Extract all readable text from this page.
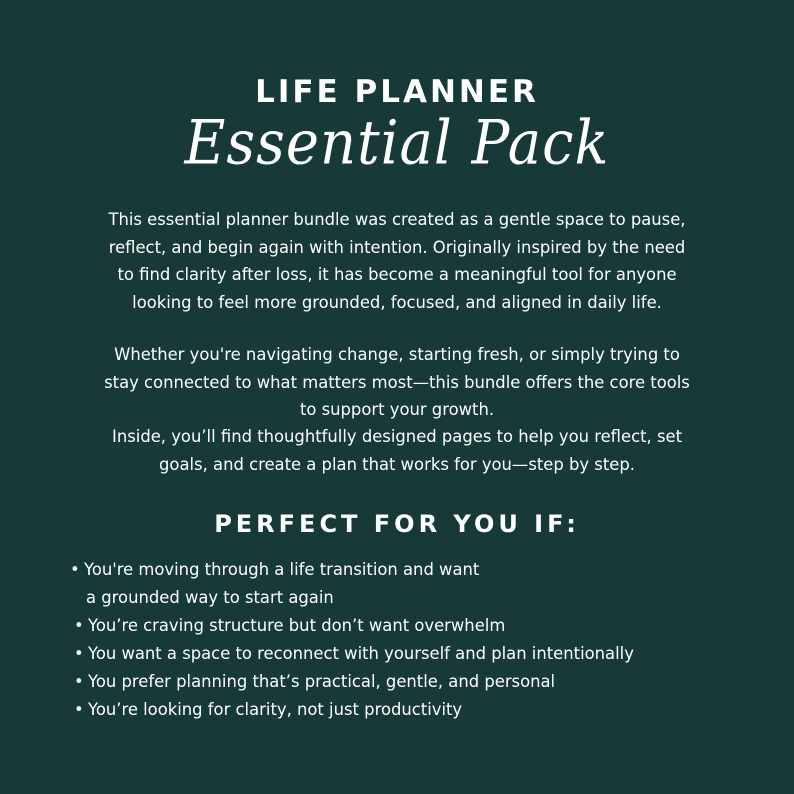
LIFE PLANNER
Essential Pack

This essential planner bundle was created as a gentle space to pause,
reflect, and begin again with intention. Originally inspired by the need
to find clarity after loss, it has become a meaningful tool for anyone
looking to feel more grounded, focused, and aligned in daily life.

Whether you're navigating change, starting fresh, or simply trying to
stay connected to what matters most—this bundle offers the core tools
to support your growth.

Inside, you’ll find thoughtfully designed pages to help you reflect, set
goals, and create a plan that works for you—step by step.

PERFECT FOR YOU IF:
• You're moving through a life transition and want
a grounded way to start again
• You’re craving structure but don’t want overwhelm
• You want a space to reconnect with yourself and plan intentionally
• You prefer planning that’s practical, gentle, and personal
• You’re looking for clarity, not just productivity
